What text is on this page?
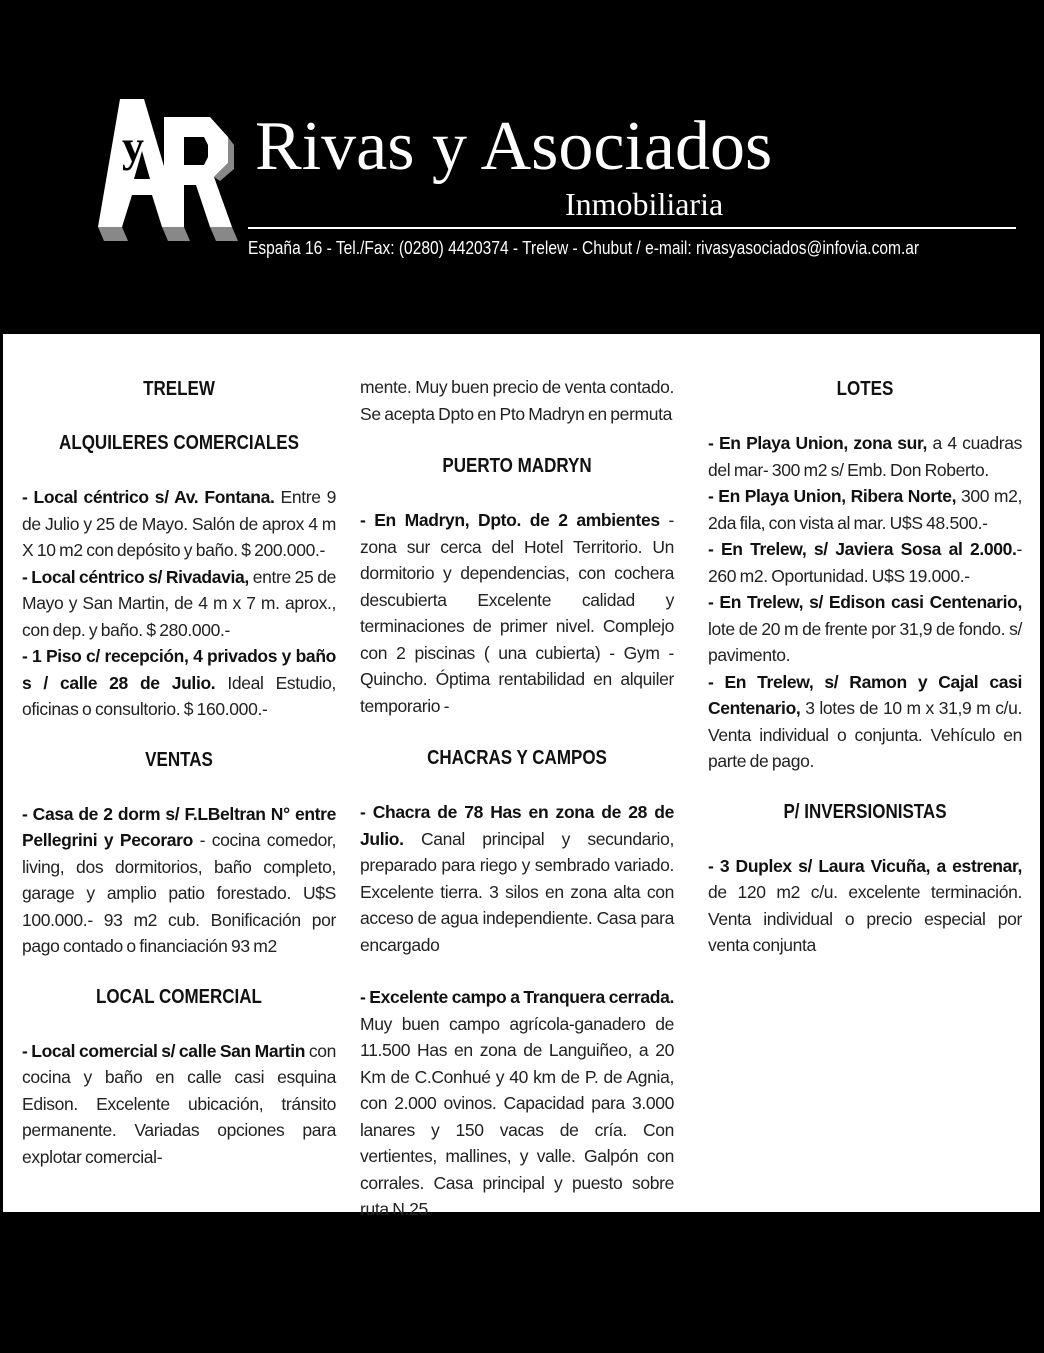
y Rivas y Asociados
Inmobiliaria
España 16 - Tel./Fax: (0280) 4420374 - Trelew - Chubut / e-mail: rivasyasociados@infovia.com.ar
TRELEW
ALQUILERES COMERCIALES
- Local céntrico s/ Av. Fontana. Entre 9 de Julio y 25 de Mayo. Salón de aprox 4 m X 10 m2 con depósito y baño. $ 200.000.-
- Local céntrico s/ Rivadavia, entre 25 de Mayo y San Martin, de 4 m x 7 m. aprox., con dep. y baño. $ 280.000.-
- 1 Piso c/ recepción, 4 privados y baño s / calle 28 de Julio. Ideal Estudio, oficinas o consultorio. $ 160.000.-
VENTAS
- Casa de 2 dorm s/ F.LBeltran N° entre Pellegrini y Pecoraro - cocina comedor, living, dos dormitorios, baño completo, garage y amplio patio forestado. U$S 100.000.- 93 m2 cub. Bonificación por pago contado o financiación 93 m2
LOCAL COMERCIAL
- Local comercial s/ calle San Martin con cocina y baño en calle casi esquina Edison. Excelente ubicación, tránsito permanente. Variadas opciones para explotar comercial-
mente. Muy buen precio de venta contado. Se acepta Dpto en Pto Madryn en permuta
PUERTO MADRYN
- En Madryn, Dpto. de 2 ambientes - zona sur cerca del Hotel Territorio. Un dormitorio y dependencias, con cochera descubierta Excelente calidad y terminaciones de primer nivel. Complejo con 2 piscinas ( una cubierta) - Gym - Quincho. Óptima rentabilidad en alquiler temporario -
CHACRAS Y CAMPOS
- Chacra de 78 Has en zona de 28 de Julio. Canal principal y secundario, preparado para riego y sembrado variado. Excelente tierra. 3 silos en zona alta con acceso de agua independiente. Casa para encargado
- Excelente campo a Tranquera cerrada. Muy buen campo agrícola-ganadero de 11.500 Has en zona de Languiñeo, a 20 Km de C.Conhué y 40 km de P. de Agnia, con 2.000 ovinos. Capacidad para 3.000 lanares y 150 vacas de cría. Con vertientes, mallines, y valle. Galpón con corrales. Casa principal y puesto sobre ruta N.25
LOTES
- En Playa Union, zona sur, a 4 cuadras del mar- 300 m2 s/ Emb. Don Roberto.
- En Playa Union, Ribera Norte, 300 m2, 2da fila, con vista al mar. U$S 48.500.-
- En Trelew, s/ Javiera Sosa al 2.000.- 260 m2. Oportunidad. U$S 19.000.-
- En Trelew, s/ Edison casi Centenario, lote de 20 m de frente por 31,9 de fondo. s/ pavimento.
- En Trelew, s/ Ramon y Cajal casi Centenario, 3 lotes de 10 m x 31,9 m c/u. Venta individual o conjunta. Vehículo en parte de pago.
P/ INVERSIONISTAS
- 3 Duplex s/ Laura Vicuña, a estrenar, de 120 m2 c/u. excelente terminación. Venta individual o precio especial por venta conjunta
